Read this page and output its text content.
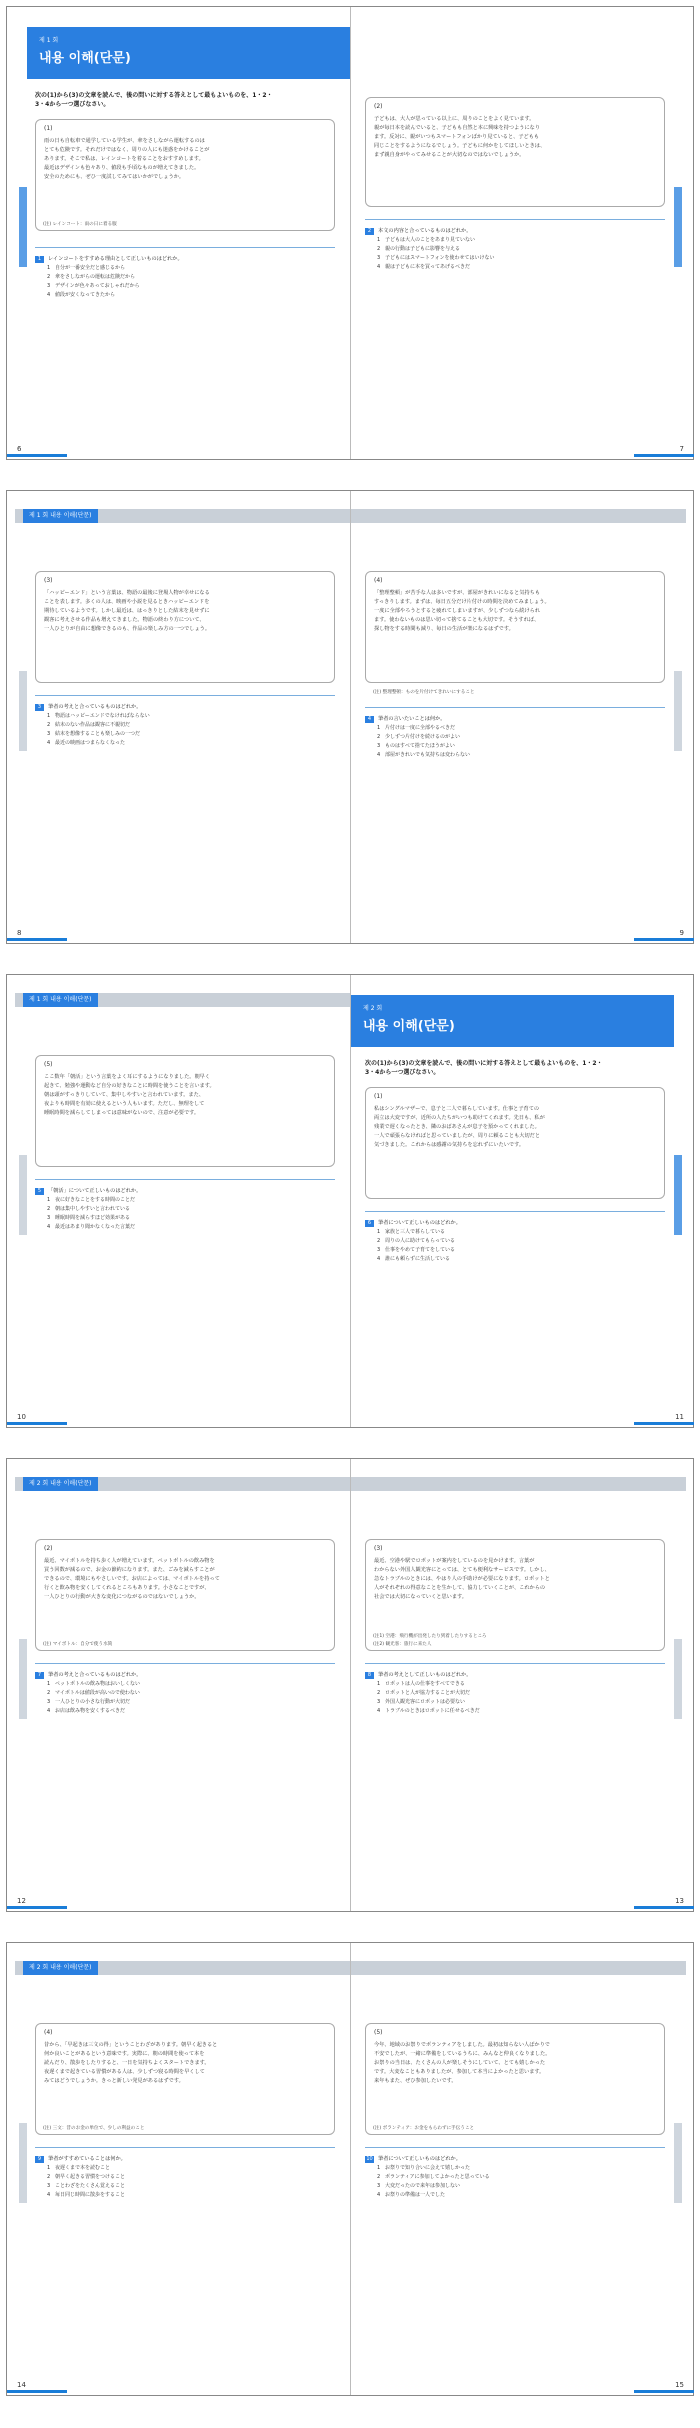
제 1 회
내용 이해(단문)
次の(1)から(3)の文章を読んで、後の問いに対する答えとして最もよいものを、1・2・
3・4から一つ選びなさい。
(1)
雨の日も自転車で通学している学生が、傘をさしながら運転するのは
とても危険です。それだけではなく、周りの人にも迷惑をかけることが
あります。そこで私は、レインコートを着ることをおすすめします。
最近はデザインも色々あり、値段も手頃なものが増えてきました。
安全のためにも、ぜひ一度試してみてはいかがでしょうか。
(注) レインコート：雨の日に着る服
1 レインコートをすすめる理由として正しいものはどれか。
1 自分が一番安全だと感じるから
2 傘をさしながらの運転は危険だから
3 デザインが色々あっておしゃれだから
4 値段が安くなってきたから
6
(2)
子どもは、大人が思っている以上に、周りのことをよく見ています。
親が毎日本を読んでいると、子どもも自然と本に興味を持つようになり
ます。反対に、親がいつもスマートフォンばかり見ていると、子どもも
同じことをするようになるでしょう。子どもに何かをしてほしいときは、
まず親自身がやってみせることが大切なのではないでしょうか。
2 本文の内容と合っているものはどれか。
1 子どもは大人のことをあまり見ていない
2 親の行動は子どもに影響を与える
3 子どもにはスマートフォンを使わせてはいけない
4 親は子どもに本を買ってあげるべきだ
7
제 1 회 내용 이해(단문)
(3)
「ハッピーエンド」という言葉は、物語の最後に登場人物が幸せになる
ことを表します。多くの人は、映画や小説を見るときハッピーエンドを
期待しているようです。しかし最近は、はっきりとした結末を見せずに
観客に考えさせる作品も増えてきました。物語の終わり方について、
一人ひとりが自由に想像できるのも、作品の楽しみ方の一つでしょう。
3 筆者の考えと合っているものはどれか。
1 物語はハッピーエンドでなければならない
2 結末のない作品は観客に不親切だ
3 結末を想像することも楽しみの一つだ
4 最近の映画はつまらなくなった
8
(4)
「整理整頓」が苦手な人は多いですが、部屋がきれいになると気持ちも
すっきりします。まずは、毎日五分だけ片付けの時間を決めてみましょう。
一度に全部やろうとすると疲れてしまいますが、少しずつなら続けられ
ます。使わないものは思い切って捨てることも大切です。そうすれば、
探し物をする時間も減り、毎日の生活が楽になるはずです。
(注) 整理整頓：ものを片付けてきれいにすること
4 筆者の言いたいことは何か。
1 片付けは一度に全部やるべきだ
2 少しずつ片付けを続けるのがよい
3 ものはすべて捨てたほうがよい
4 部屋がきれいでも気持ちは変わらない
9
제 1 회 내용 이해(단문)
(5)
ここ数年「朝活」という言葉をよく耳にするようになりました。朝早く
起きて、勉強や運動など自分の好きなことに時間を使うことを言います。
朝は頭がすっきりしていて、集中しやすいと言われています。また、
夜よりも時間を有効に使えるという人もいます。ただし、無理をして
睡眠時間を減らしてしまっては意味がないので、注意が必要です。
5 「朝活」について正しいものはどれか。
1 夜に好きなことをする時間のことだ
2 朝は集中しやすいと言われている
3 睡眠時間を減らすほど効果がある
4 最近はあまり聞かなくなった言葉だ
10
제 2 회
내용 이해(단문)
次の(1)から(3)の文章を読んで、後の問いに対する答えとして最もよいものを、1・2・
3・4から一つ選びなさい。
(1)
私はシングルマザーで、息子と二人で暮らしています。仕事と子育ての
両立は大変ですが、近所の人たちがいつも助けてくれます。先日も、私が
残業で遅くなったとき、隣のおばあさんが息子を預かってくれました。
一人で頑張らなければと思っていましたが、周りに頼ることも大切だと
気づきました。これからは感謝の気持ちを忘れずにいたいです。
6 筆者について正しいものはどれか。
1 家族と三人で暮らしている
2 周りの人に助けてもらっている
3 仕事をやめて子育てをしている
4 誰にも頼らずに生活している
11
제 2 회 내용 이해(단문)
(2)
最近、マイボトルを持ち歩く人が増えています。ペットボトルの飲み物を
買う回数が減るので、お金の節約になります。また、ごみを減らすことが
できるので、環境にもやさしいです。お店によっては、マイボトルを持って
行くと飲み物を安くしてくれるところもあります。小さなことですが、
一人ひとりの行動が大きな変化につながるのではないでしょうか。
(注) マイボトル：自分で使う水筒
7 筆者の考えと合っているものはどれか。
1 ペットボトルの飲み物はおいしくない
2 マイボトルは値段が高いので使わない
3 一人ひとりの小さな行動が大切だ
4 お店は飲み物を安くするべきだ
12
(3)
最近、空港や駅でロボットが案内をしているのを見かけます。言葉が
わからない外国人観光客にとっては、とても便利なサービスです。しかし、
急なトラブルのときには、やはり人の手助けが必要になります。ロボットと
人がそれぞれの得意なことを生かして、協力していくことが、これからの
社会では大切になっていくと思います。
(注1) 空港：飛行機が出発したり到着したりするところ
(注2) 観光客：旅行に来た人
8 筆者の考えとして正しいものはどれか。
1 ロボットは人の仕事をすべてできる
2 ロボットと人が協力することが大切だ
3 外国人観光客にロボットは必要ない
4 トラブルのときはロボットに任せるべきだ
13
제 2 회 내용 이해(단문)
(4)
昔から、「早起きは三文の得」ということわざがあります。朝早く起きると
何か良いことがあるという意味です。実際に、朝の時間を使って本を
読んだり、散歩をしたりすると、一日を気持ちよくスタートできます。
夜遅くまで起きている習慣がある人は、少しずつ寝る時間を早くして
みてはどうでしょうか。きっと新しい発見があるはずです。
(注) 三文：昔のお金の単位で、少しの利益のこと
9 筆者がすすめていることは何か。
1 夜遅くまで本を読むこと
2 朝早く起きる習慣をつけること
3 ことわざをたくさん覚えること
4 毎日同じ時間に散歩をすること
14
(5)
今年、地域のお祭りでボランティアをしました。最初は知らない人ばかりで
不安でしたが、一緒に準備をしているうちに、みんなと仲良くなりました。
お祭りの当日は、たくさんの人が楽しそうにしていて、とても嬉しかった
です。大変なこともありましたが、参加して本当によかったと思います。
来年もまた、ぜひ参加したいです。
(注) ボランティア：お金をもらわずに手伝うこと
10 筆者について正しいものはどれか。
1 お祭りで知り合いに会えて嬉しかった
2 ボランティアに参加してよかったと思っている
3 大変だったので来年は参加しない
4 お祭りの準備は一人でした
15
